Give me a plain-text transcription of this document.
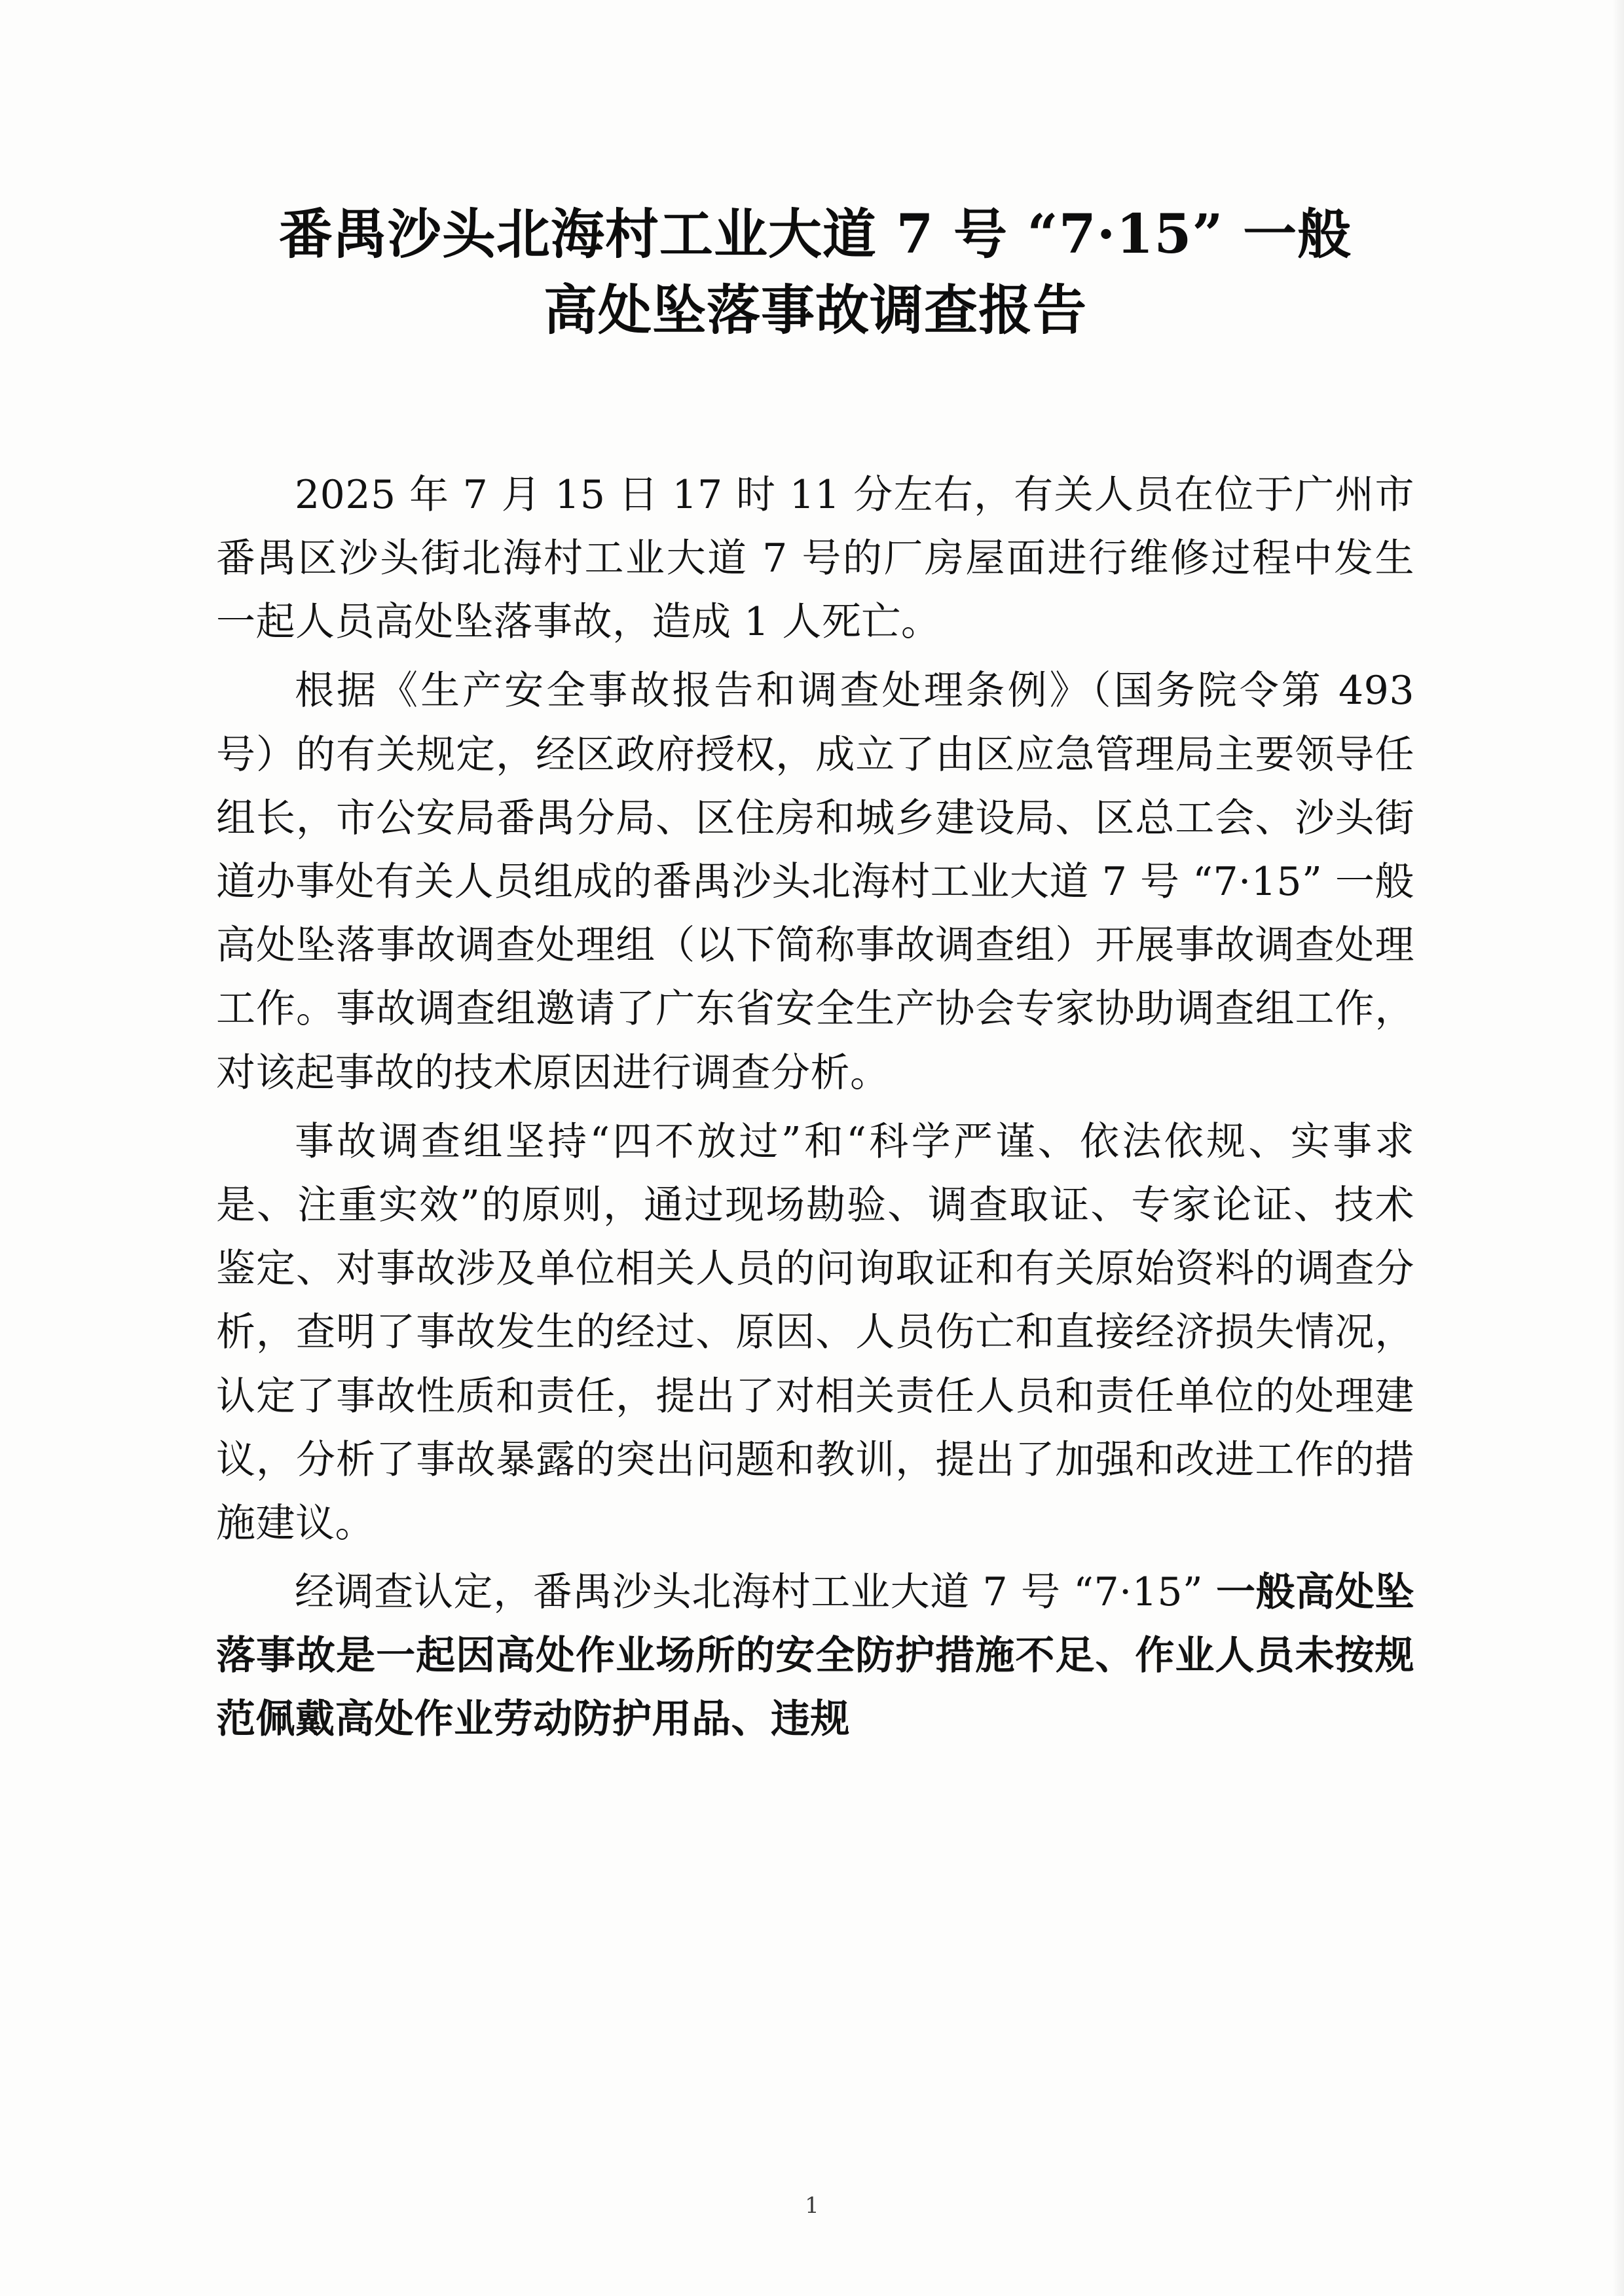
番禺沙头北海村工业大道 7 号 “7·15” 一般
高处坠落事故调查报告

2025 年 7 月 15 日 17 时 11 分左右，有关人员在位于广州市番禺区沙头街北海村工业大道 7 号的厂房屋面进行维修过程中发生一起人员高处坠落事故，造成 1 人死亡。

根据《生产安全事故报告和调查处理条例》（国务院令第 493 号）的有关规定，经区政府授权，成立了由区应急管理局主要领导任组长，市公安局番禺分局、区住房和城乡建设局、区总工会、沙头街道办事处有关人员组成的番禺沙头北海村工业大道 7 号 “7·15” 一般高处坠落事故调查处理组（以下简称事故调查组）开展事故调查处理工作。事故调查组邀请了广东省安全生产协会专家协助调查组工作，对该起事故的技术原因进行调查分析。

事故调查组坚持“四不放过”和“科学严谨、依法依规、实事求是、注重实效”的原则，通过现场勘验、调查取证、专家论证、技术鉴定、对事故涉及单位相关人员的问询取证和有关原始资料的调查分析，查明了事故发生的经过、原因、人员伤亡和直接经济损失情况，认定了事故性质和责任，提出了对相关责任人员和责任单位的处理建议，分析了事故暴露的突出问题和教训，提出了加强和改进工作的措施建议。

经调查认定，番禺沙头北海村工业大道 7 号 “7·15” 一般高处坠落事故是一起因高处作业场所的安全防护措施不足、作业人员未按规范佩戴高处作业劳动防护用品、违规

1
